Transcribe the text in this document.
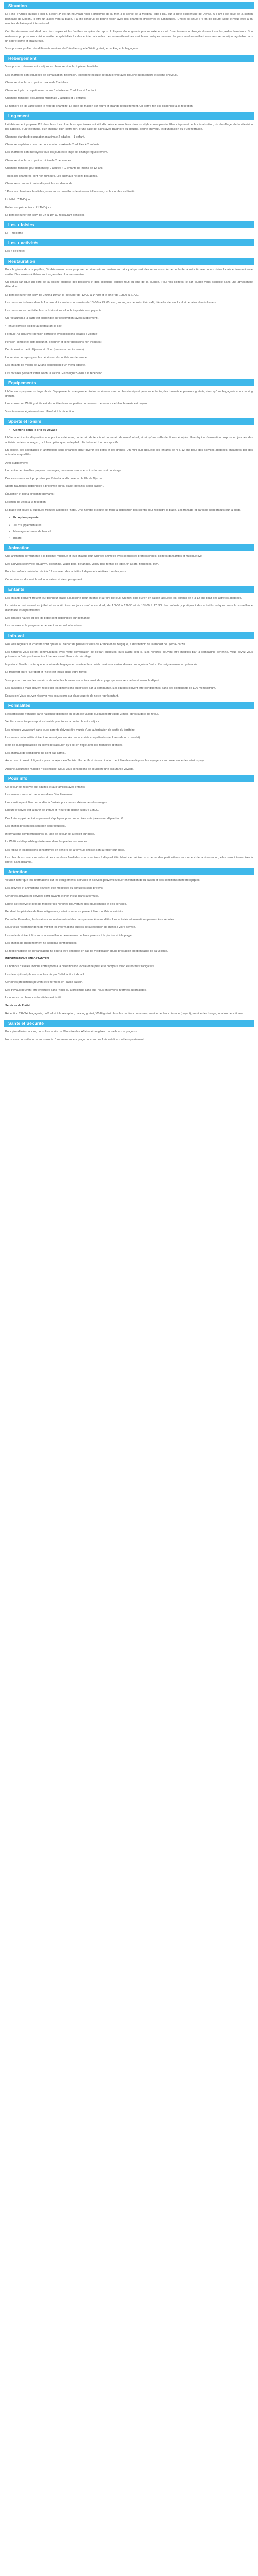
Situation

Le Ring d'Affiliés Rucker Hôtel & Resort 3* est un nouveau hôtel à proximité de la mer, à la sortie de la Médina Hobo-Hilal, sur la côte occidentale de Djerba. A 8 km il se situe de la station balnéaire de Dodoni. Il offre un accès vers la plage. Il a été construit de bonne façon avec des chambres modernes et lumineuses. L'hôtel est situé à 4 km de Houmt Souk et vous êtes à 35 minutes de l'aéroport international.

Cet établissement est idéal pour les couples et les familles en quête de repos, il dispose d'une grande piscine extérieure et d'une terrasse ombragée donnant sur les jardins luxuriants. Son restaurant propose une cuisine variée de spécialités locales et internationales. Le centre-ville est accessible en quelques minutes. Le personnel accueillant vous assure un séjour agréable dans un cadre calme et chaleureux.

Vous pourrez profiter des différents services de l'hôtel tels que le Wi-Fi gratuit, le parking et la bagagerie.

Hébergement

Vous pouvez réserver votre séjour en chambre double, triple ou familiale.

Les chambres sont équipées de climatisation, télévision, téléphone et salle de bain privée avec douche ou baignoire et sèche-cheveux.

Chambre double: occupation maximale 2 adultes.

Chambre triple: occupation maximale 3 adultes ou 2 adultes et 1 enfant.

Chambre familiale: occupation maximale 2 adultes et 2 enfants.

Le nombre de lits varie selon le type de chambre. Le linge de maison est fourni et changé régulièrement. Un coffre-fort est disponible à la réception.

Logement

L'établissement propose 115 chambres. Les chambres spacieuses ont été décorées et meublées dans un style contemporain. Elles disposent de la climatisation, du chauffage, de la télévision par satellite, d'un téléphone, d'un minibar, d'un coffre-fort, d'une salle de bains avec baignoire ou douche, sèche-cheveux, et d'un balcon ou d'une terrasse.

Chambre standard: occupation maximale 2 adultes + 1 enfant.

Chambre supérieure vue mer: occupation maximale 2 adultes + 2 enfants.

Les chambres sont nettoyées tous les jours et le linge est changé régulièrement.

Chambre double: occupation minimale 2 personnes.

Chambre familiale (sur demande): 2 adultes + 2 enfants de moins de 12 ans.

Toutes les chambres sont non-fumeurs. Les animaux ne sont pas admis.

Chambres communicantes disponibles sur demande.

* Pour les chambres familiales, nous vous conseillons de réserver à l'avance, car le nombre est limité.

Lit bébé: 7 TND/jour.

Enfant supplémentaire: 21 TND/jour.

Le petit déjeuner est servi de 7h à 10h au restaurant principal.

Les + loisirs

Le + moderne

Les + activités

Les + de l'hôtel

Restauration

Pour le plaisir de vos papilles, l'établissement vous propose de découvrir son restaurant principal qui sert des repas sous forme de buffet à volonté, avec une cuisine locale et internationale variée. Des soirées à thème sont organisées chaque semaine.

Un snack-bar situé au bord de la piscine propose des boissons et des collations légères tout au long de la journée. Pour vos soirées, le bar lounge vous accueille dans une atmosphère détendue.

Le petit déjeuner est servi de 7h00 à 10h00, le déjeuner de 12h30 à 14h30 et le dîner de 19h00 à 21h30.

Les boissons incluses dans la formule all inclusive sont servies de 10h00 à 23h00: eau, sodas, jus de fruits, thé, café, bière locale, vin local et certains alcools locaux.

Les boissons en bouteille, les cocktails et les alcools importés sont payants.

Un restaurant à la carte est disponible sur réservation (avec supplément).

* Tenue correcte exigée au restaurant le soir.

Formule All Inclusive: pension complète avec boissons locales à volonté.

Pension complète: petit déjeuner, déjeuner et dîner (boissons non incluses).

Demi-pension: petit déjeuner et dîner (boissons non incluses).

Un service de repas pour les bébés est disponible sur demande.

Les enfants de moins de 12 ans bénéficient d'un menu adapté.

Les horaires peuvent varier selon la saison. Renseignez-vous à la réception.

Équipements

L'hôtel vous propose un large choix d'équipements: une grande piscine extérieure avec un bassin séparé pour les enfants, des transats et parasols gratuits, ainsi qu'une bagagerie et un parking gratuits.

Une connexion Wi-Fi gratuite est disponible dans les parties communes. Le service de blanchisserie est payant.

Vous trouverez également un coffre-fort à la réception.

Sports et loisirs
• Compris dans le prix du voyage

L'hôtel met à votre disposition une piscine extérieure, un terrain de tennis et un terrain de mini-football, ainsi qu'une salle de fitness équipée. Une équipe d'animation propose en journée des activités variées: aquagym, tir à l'arc, pétanque, volley-ball, fléchettes et tournois sportifs.

En soirée, des spectacles et animations sont organisés pour divertir les petits et les grands. Un mini-club accueille les enfants de 4 à 12 ans pour des activités adaptées encadrées par des animateurs qualifiés.

Avec supplément:

Un centre de bien-être propose massages, hammam, sauna et soins du corps et du visage.

Des excursions sont proposées par l'hôtel à la découverte de l'île de Djerba.

Sports nautiques disponibles à proximité sur la plage (payants, selon saison).

Équitation et golf à proximité (payants).

Location de vélos à la réception.

La plage est située à quelques minutes à pied de l'hôtel. Une navette gratuite est mise à disposition des clients pour rejoindre la plage. Les transats et parasols sont gratuits sur la plage.

• En option payante
• Jeux supplémentaires
• Massages et soins de beauté
• Billard
Animation

Une animation permanente à la piscine: musique et jeux chaque jour. Soirées animées avec spectacles professionnels, soirées dansantes et musique live.

Des activités sportives: aquagym, stretching, water-polo, pétanque, volley-ball, tennis de table, tir à l'arc, fléchettes, gym.

Pour les enfants: mini-club de 4 à 12 ans avec des activités ludiques et créatives tous les jours.

Ce service est disponible selon la saison et n'est pas garanti.

Enfants

Les enfants peuvent trouver leur bonheur grâce à la piscine pour enfants et à l'aire de jeux. Un mini-club ouvert en saison accueille les enfants de 4 à 12 ans pour des activités adaptées.

Le mini-club est ouvert en juillet et en août, tous les jours sauf le vendredi, de 10h00 à 12h30 et de 15h00 à 17h30. Les enfants y pratiquent des activités ludiques sous la surveillance d'animateurs expérimentés.

Des chaises hautes et des lits bébé sont disponibles sur demande.

Les horaires et le programme peuvent varier selon la saison.

Info vol

Nos vols réguliers et charters sont opérés au départ de plusieurs villes de France et de Belgique, à destination de l'aéroport de Djerba-Zarzis.

Les horaires vous seront communiqués avec votre convocation de départ quelques jours avant celui-ci. Les horaires peuvent être modifiés par la compagnie aérienne. Vous devez vous présenter à l'aéroport au moins 2 heures avant l'heure de décollage.

Important: Veuillez noter que le nombre de bagages en soute et leur poids maximum varient d'une compagnie à l'autre. Renseignez-vous au préalable.

Le transfert entre l'aéroport et l'hôtel est inclus dans votre forfait.

Vous pouvez trouver les numéros de vol et les horaires sur votre carnet de voyage qui vous sera adressé avant le départ.

Les bagages à main doivent respecter les dimensions autorisées par la compagnie. Les liquides doivent être conditionnés dans des contenants de 100 ml maximum.

Excursion: Vous pouvez réserver vos excursions sur place auprès de notre représentant.

Formalités

Ressortissants français: carte nationale d'identité en cours de validité ou passeport valide 3 mois après la date de retour.

Vérifiez que votre passeport est valide pour toute la durée de votre séjour.

Les mineurs voyageant sans leurs parents doivent être munis d'une autorisation de sortie du territoire.

Les autres nationalités doivent se renseigner auprès des autorités compétentes (ambassade ou consulat).

Il est de la responsabilité du client de s'assurer qu'il est en règle avec les formalités d'entrée.

Les animaux de compagnie ne sont pas admis.

Aucun vaccin n'est obligatoire pour un séjour en Tunisie. Un certificat de vaccination peut être demandé pour les voyageurs en provenance de certains pays.

Aucune assurance maladie n'est incluse. Nous vous conseillons de souscrire une assurance voyage.

Pour info

Ce séjour est réservé aux adultes et aux familles avec enfants.

Les animaux ne sont pas admis dans l'établissement.

Une caution peut être demandée à l'arrivée pour couvrir d'éventuels dommages.

L'heure d'arrivée est à partir de 14h00 et l'heure de départ jusqu'à 12h00.

Des frais supplémentaires peuvent s'appliquer pour une arrivée anticipée ou un départ tardif.

Les photos présentées sont non contractuelles.

Informations complémentaires: la taxe de séjour est à régler sur place.

Le Wi-Fi est disponible gratuitement dans les parties communes.

Les repas et les boissons consommés en dehors de la formule choisie sont à régler sur place.

Les chambres communicantes et les chambres familiales sont soumises à disponibilité. Merci de préciser vos demandes particulières au moment de la réservation; elles seront transmises à l'hôtel, sans garantie.

Attention

Veuillez noter que les informations sur les équipements, services et activités peuvent évoluer en fonction de la saison et des conditions météorologiques.

Les activités et animations peuvent être modifiées ou annulées sans préavis.

Certaines activités et services sont payants et non inclus dans la formule.

L'hôtel se réserve le droit de modifier les horaires d'ouverture des équipements et des services.

Pendant les périodes de fêtes religieuses, certains services peuvent être modifiés ou réduits.

Durant le Ramadan, les horaires des restaurants et des bars peuvent être modifiés. Les activités et animations peuvent être réduites.

Nous vous recommandons de vérifier les informations auprès de la réception de l'hôtel à votre arrivée.

Les enfants doivent être sous la surveillance permanente de leurs parents à la piscine et à la plage.

Les photos de l'hébergement ne sont pas contractuelles.

La responsabilité de l'organisateur ne pourra être engagée en cas de modification d'une prestation indépendante de sa volonté.

INFORMATIONS IMPORTANTES

Le nombre d'étoiles indiqué correspond à la classification locale et ne peut être comparé avec les normes françaises.

Les descriptifs et photos sont fournis par l'hôtel à titre indicatif.

Certaines prestations peuvent être fermées en basse saison.

Des travaux peuvent être effectués dans l'hôtel ou à proximité sans que nous en soyons informés au préalable.

Le nombre de chambres familiales est limité.

Services de l'hôtel

Réception 24h/24, bagagerie, coffre-fort à la réception, parking gratuit, Wi-Fi gratuit dans les parties communes, service de blanchisserie (payant), service de change, location de voitures.

Santé et Sécurité

Pour plus d'informations, consultez le site du Ministère des Affaires étrangères: conseils aux voyageurs.

Nous vous conseillons de vous munir d'une assurance voyage couvrant les frais médicaux et le rapatriement.
